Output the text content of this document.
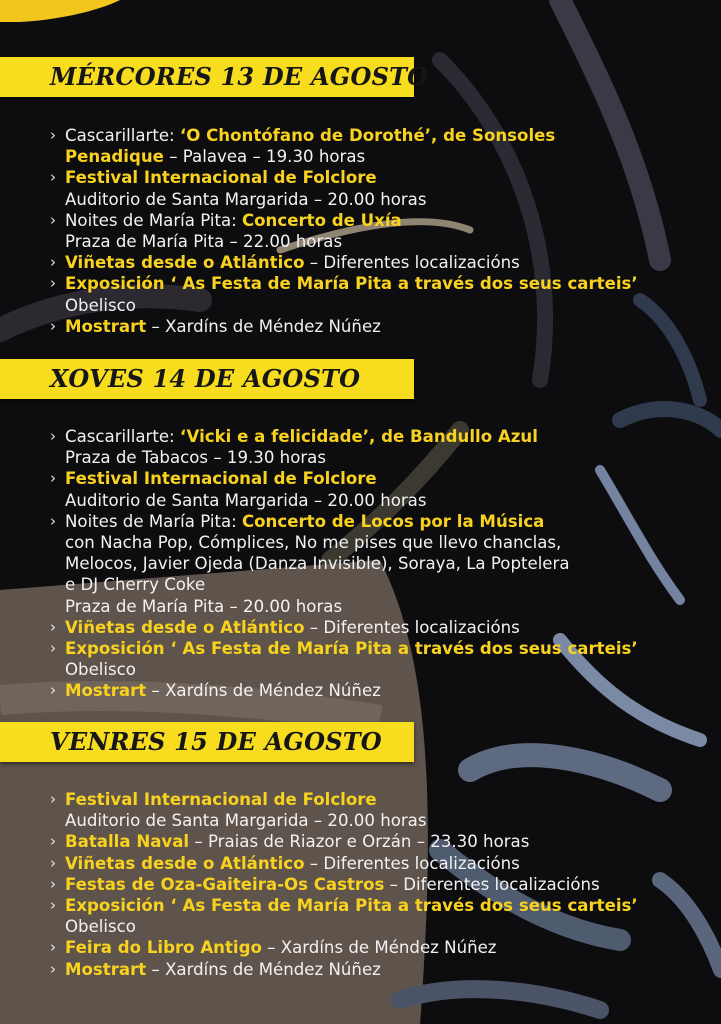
MÉRCORES 13 DE AGOSTO
› Cascarillarte: ‘O Chontófano de Dorothé’, de Sonsoles
Penadique – Palavea – 19.30 horas
› Festival Internacional de Folclore
Auditorio de Santa Margarida – 20.00 horas
› Noites de María Pita: Concerto de Uxía
Praza de María Pita – 22.00 horas
› Viñetas desde o Atlántico – Diferentes localizacións
› Exposición ‘ As Festa de María Pita a través dos seus carteis’
Obelisco
› Mostrart – Xardíns de Méndez Núñez
XOVES 14 DE AGOSTO
› Cascarillarte: ‘Vicki e a felicidade’, de Bandullo Azul
Praza de Tabacos – 19.30 horas
› Festival Internacional de Folclore
Auditorio de Santa Margarida – 20.00 horas
› Noites de María Pita: Concerto de Locos por la Música
con Nacha Pop, Cómplices, No me pises que llevo chanclas,
Melocos, Javier Ojeda (Danza Invisible), Soraya, La Poptelera
e DJ Cherry Coke
Praza de María Pita – 20.00 horas
› Viñetas desde o Atlántico – Diferentes localizacións
› Exposición ‘ As Festa de María Pita a través dos seus carteis’
Obelisco
› Mostrart – Xardíns de Méndez Núñez
VENRES 15 DE AGOSTO
› Festival Internacional de Folclore
Auditorio de Santa Margarida – 20.00 horas
› Batalla Naval – Praias de Riazor e Orzán – 23.30 horas
› Viñetas desde o Atlántico – Diferentes localizacións
› Festas de Oza-Gaiteira-Os Castros – Diferentes localizacións
› Exposición ‘ As Festa de María Pita a través dos seus carteis’
Obelisco
› Feira do Libro Antigo – Xardíns de Méndez Núñez
› Mostrart – Xardíns de Méndez Núñez
